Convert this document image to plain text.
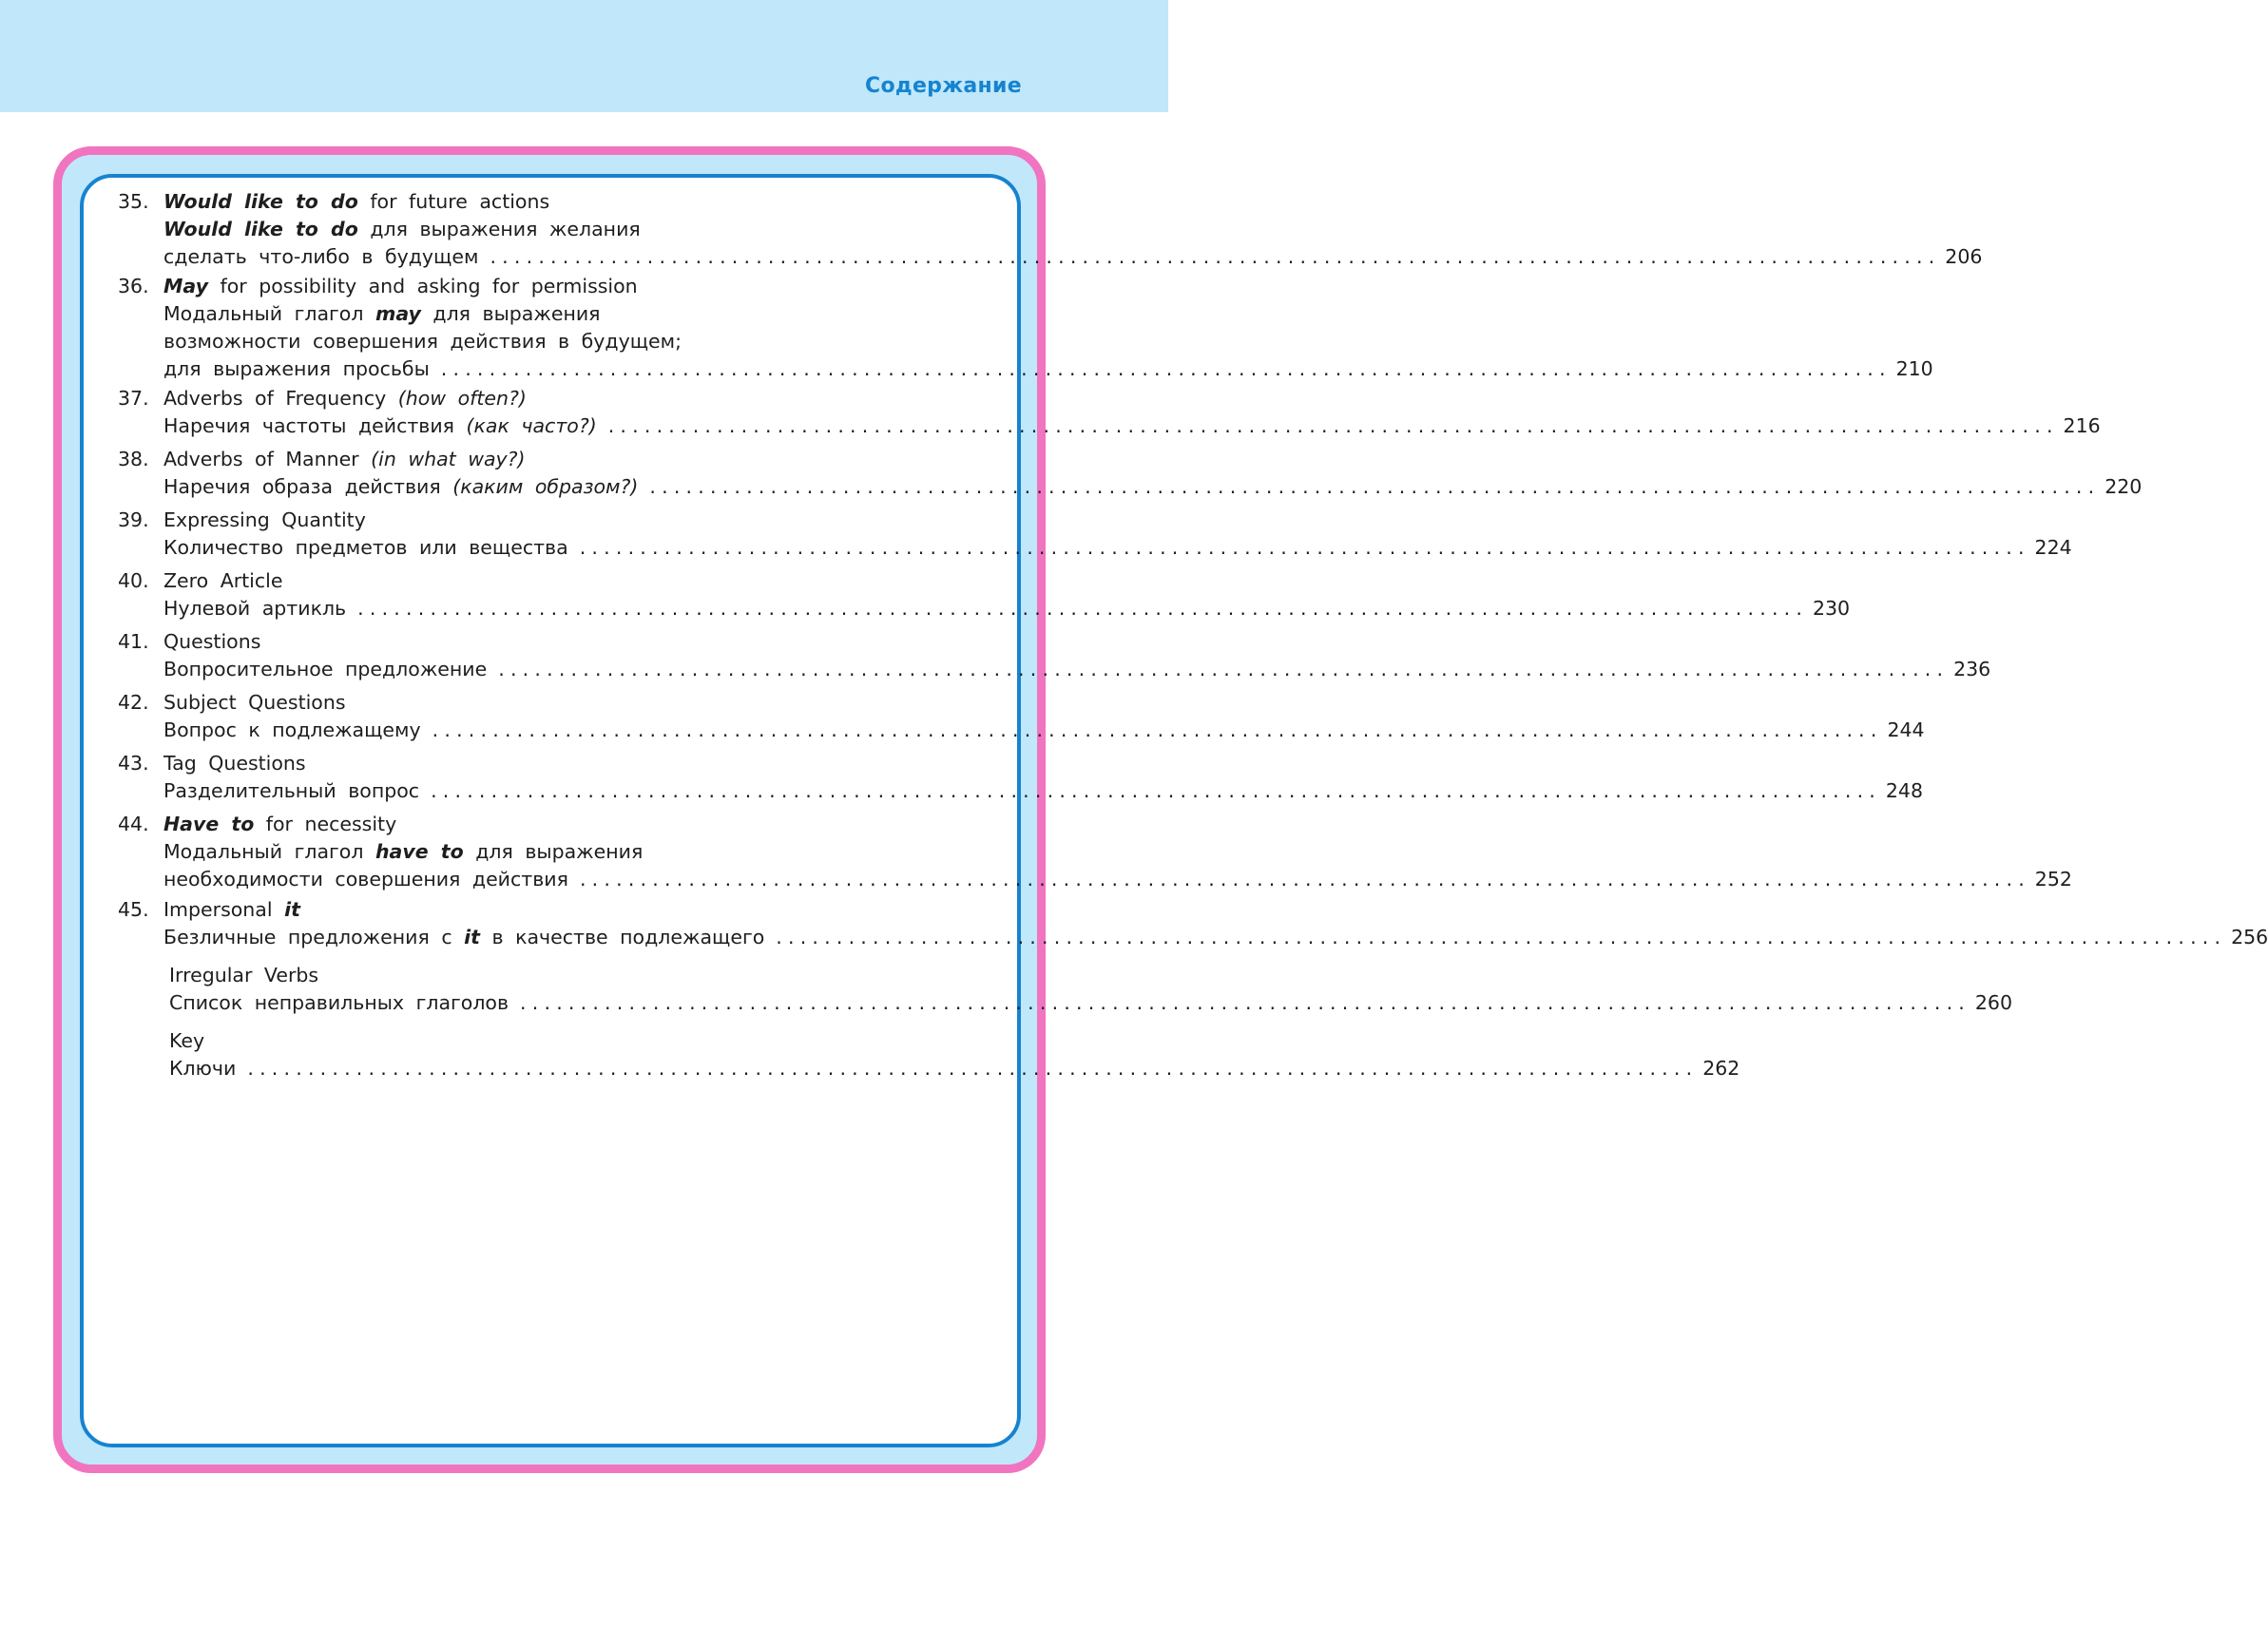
Содержание
35. Would like to do for future actions
Would like to do для выражения желания
сделать что-либо в будущем ........................................................................................................................ 206
36. May for possibility and asking for permission
Модальный глагол may для выражения
возможности совершения действия в будущем;
для выражения просьбы ........................................................................................................................ 210
37. Adverbs of Frequency (how often?)
Наречия частоты действия (как часто?) ........................................................................................................................ 216
38. Adverbs of Manner (in what way?)
Наречия образа действия (каким образом?) ........................................................................................................................ 220
39. Expressing Quantity
Количество предметов или вещества ........................................................................................................................ 224
40. Zero Article
Нулевой артикль ........................................................................................................................ 230
41. Questions
Вопросительное предложение ........................................................................................................................ 236
42. Subject Questions
Вопрос к подлежащему ........................................................................................................................ 244
43. Tag Questions
Разделительный вопрос ........................................................................................................................ 248
44. Have to for necessity
Модальный глагол have to для выражения
необходимости совершения действия ........................................................................................................................ 252
45. Impersonal it
Безличные предложения с it в качестве подлежащего ........................................................................................................................ 256
Irregular Verbs
Список неправильных глаголов ........................................................................................................................ 260
Key
Ключи ........................................................................................................................ 262
